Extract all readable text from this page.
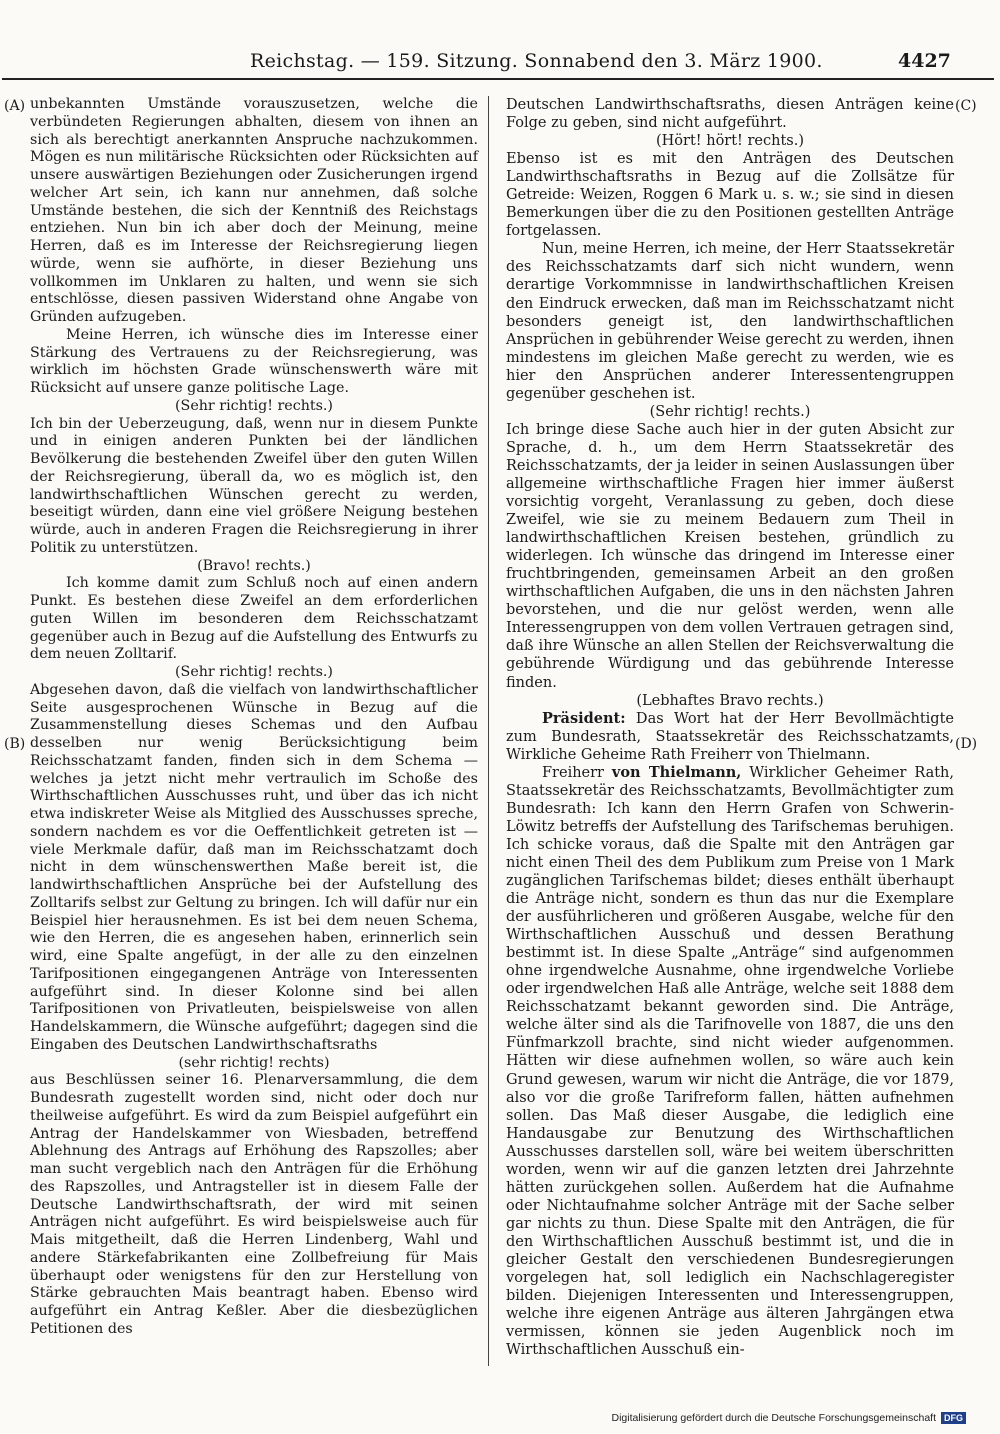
Reichstag. — 159. Sitzung. Sonnabend den 3. März 1900.	4427
(A)
(B)
(C)
(D)

unbekannten Umstände vorauszusetzen, welche die verbündeten Regierungen abhalten, diesem von ihnen an sich als berechtigt anerkannten Anspruche nachzukommen. Mögen es nun militärische Rücksichten oder Rücksichten auf unsere auswärtigen Beziehungen oder Zusicherungen irgend welcher Art sein, ich kann nur annehmen, daß solche Umstände bestehen, die sich der Kenntniß des Reichstags entziehen. Nun bin ich aber doch der Meinung, meine Herren, daß es im Interesse der Reichsregierung liegen würde, wenn sie aufhörte, in dieser Beziehung uns vollkommen im Unklaren zu halten, und wenn sie sich entschlösse, diesen passiven Widerstand ohne Angabe von Gründen aufzugeben.

Meine Herren, ich wünsche dies im Interesse einer Stärkung des Vertrauens zu der Reichsregierung, was wirklich im höchsten Grade wünschenswerth wäre mit Rücksicht auf unsere ganze politische Lage.

(Sehr richtig! rechts.)

Ich bin der Ueberzeugung, daß, wenn nur in diesem Punkte und in einigen anderen Punkten bei der ländlichen Bevölkerung die bestehenden Zweifel über den guten Willen der Reichsregierung, überall da, wo es möglich ist, den landwirthschaftlichen Wünschen gerecht zu werden, beseitigt würden, dann eine viel größere Neigung bestehen würde, auch in anderen Fragen die Reichsregierung in ihrer Politik zu unterstützen.

(Bravo! rechts.)

Ich komme damit zum Schluß noch auf einen andern Punkt. Es bestehen diese Zweifel an dem erforderlichen guten Willen im besonderen dem Reichsschatzamt gegenüber auch in Bezug auf die Aufstellung des Entwurfs zu dem neuen Zolltarif.

(Sehr richtig! rechts.)

Abgesehen davon, daß die vielfach von landwirthschaftlicher Seite ausgesprochenen Wünsche in Bezug auf die Zusammenstellung dieses Schemas und den Aufbau desselben nur wenig Berücksichtigung beim Reichsschatzamt fanden, finden sich in dem Schema — welches ja jetzt nicht mehr vertraulich im Schoße des Wirthschaftlichen Ausschusses ruht, und über das ich nicht etwa indiskreter Weise als Mitglied des Ausschusses spreche, sondern nachdem es vor die Oeffentlichkeit getreten ist — viele Merkmale dafür, daß man im Reichsschatzamt doch nicht in dem wünschenswerthen Maße bereit ist, die landwirthschaftlichen Ansprüche bei der Aufstellung des Zolltarifs selbst zur Geltung zu bringen. Ich will dafür nur ein Beispiel hier herausnehmen. Es ist bei dem neuen Schema, wie den Herren, die es angesehen haben, erinnerlich sein wird, eine Spalte angefügt, in der alle zu den einzelnen Tarifpositionen eingegangenen Anträge von Interessenten aufgeführt sind. In dieser Kolonne sind bei allen Tarifpositionen von Privatleuten, beispielsweise von allen Handelskammern, die Wünsche aufgeführt; dagegen sind die Eingaben des Deutschen Landwirthschaftsraths

(sehr richtig! rechts)

aus Beschlüssen seiner 16. Plenarversammlung, die dem Bundesrath zugestellt worden sind, nicht oder doch nur theilweise aufgeführt. Es wird da zum Beispiel aufgeführt ein Antrag der Handelskammer von Wiesbaden, betreffend Ablehnung des Antrags auf Erhöhung des Rapszolles; aber man sucht vergeblich nach den Anträgen für die Erhöhung des Rapszolles, und Antragsteller ist in diesem Falle der Deutsche Landwirthschaftsrath, der wird mit seinen Anträgen nicht aufgeführt. Es wird beispielsweise auch für Mais mitgetheilt, daß die Herren Lindenberg, Wahl und andere Stärkefabrikanten eine Zollbefreiung für Mais überhaupt oder wenigstens für den zur Herstellung von Stärke gebrauchten Mais beantragt haben. Ebenso wird aufgeführt ein Antrag Keßler. Aber die diesbezüglichen Petitionen des

Deutschen Landwirthschaftsraths, diesen Anträgen keine Folge zu geben, sind nicht aufgeführt.

(Hört! hört! rechts.)

Ebenso ist es mit den Anträgen des Deutschen Landwirthschaftsraths in Bezug auf die Zollsätze für Getreide: Weizen, Roggen 6 Mark u. s. w.; sie sind in diesen Bemerkungen über die zu den Positionen gestellten Anträge fortgelassen.

Nun, meine Herren, ich meine, der Herr Staatssekretär des Reichsschatzamts darf sich nicht wundern, wenn derartige Vorkommnisse in landwirthschaftlichen Kreisen den Eindruck erwecken, daß man im Reichsschatzamt nicht besonders geneigt ist, den landwirthschaftlichen Ansprüchen in gebührender Weise gerecht zu werden, ihnen mindestens im gleichen Maße gerecht zu werden, wie es hier den Ansprüchen anderer Interessentengruppen gegenüber geschehen ist.

(Sehr richtig! rechts.)

Ich bringe diese Sache auch hier in der guten Absicht zur Sprache, d. h., um dem Herrn Staatssekretär des Reichsschatzamts, der ja leider in seinen Auslassungen über allgemeine wirthschaftliche Fragen hier immer äußerst vorsichtig vorgeht, Veranlassung zu geben, doch diese Zweifel, wie sie zu meinem Bedauern zum Theil in landwirthschaftlichen Kreisen bestehen, gründlich zu widerlegen. Ich wünsche das dringend im Interesse einer fruchtbringenden, gemeinsamen Arbeit an den großen wirthschaftlichen Aufgaben, die uns in den nächsten Jahren bevorstehen, und die nur gelöst werden, wenn alle Interessengruppen von dem vollen Vertrauen getragen sind, daß ihre Wünsche an allen Stellen der Reichsverwaltung die gebührende Würdigung und das gebührende Interesse finden.

(Lebhaftes Bravo rechts.)

Präsident: Das Wort hat der Herr Bevollmächtigte zum Bundesrath, Staatssekretär des Reichsschatzamts, Wirkliche Geheime Rath Freiherr von Thielmann.

Freiherr von Thielmann, Wirklicher Geheimer Rath, Staatssekretär des Reichsschatzamts, Bevollmächtigter zum Bundesrath: Ich kann den Herrn Grafen von Schwerin-Löwitz betreffs der Aufstellung des Tarifschemas beruhigen. Ich schicke voraus, daß die Spalte mit den Anträgen gar nicht einen Theil des dem Publikum zum Preise von 1 Mark zugänglichen Tarifschemas bildet; dieses enthält überhaupt die Anträge nicht, sondern es thun das nur die Exemplare der ausführlicheren und größeren Ausgabe, welche für den Wirthschaftlichen Ausschuß und dessen Berathung bestimmt ist. In diese Spalte „Anträge“ sind aufgenommen ohne irgendwelche Ausnahme, ohne irgendwelche Vorliebe oder irgendwelchen Haß alle Anträge, welche seit 1888 dem Reichsschatzamt bekannt geworden sind. Die Anträge, welche älter sind als die Tarifnovelle von 1887, die uns den Fünfmarkzoll brachte, sind nicht wieder aufgenommen. Hätten wir diese aufnehmen wollen, so wäre auch kein Grund gewesen, warum wir nicht die Anträge, die vor 1879, also vor die große Tarifreform fallen, hätten aufnehmen sollen. Das Maß dieser Ausgabe, die lediglich eine Handausgabe zur Benutzung des Wirthschaftlichen Ausschusses darstellen soll, wäre bei weitem überschritten worden, wenn wir auf die ganzen letzten drei Jahrzehnte hätten zurückgehen sollen. Außerdem hat die Aufnahme oder Nichtaufnahme solcher Anträge mit der Sache selber gar nichts zu thun. Diese Spalte mit den Anträgen, die für den Wirthschaftlichen Ausschuß bestimmt ist, und die in gleicher Gestalt den verschiedenen Bundesregierungen vorgelegen hat, soll lediglich ein Nachschlageregister bilden. Diejenigen Interessenten und Interessengruppen, welche ihre eigenen Anträge aus älteren Jahrgängen etwa vermissen, können sie jeden Augenblick noch im Wirthschaftlichen Ausschuß ein-

Digitalisierung gefördert durch die Deutsche Forschungsgemeinschaft DFG
